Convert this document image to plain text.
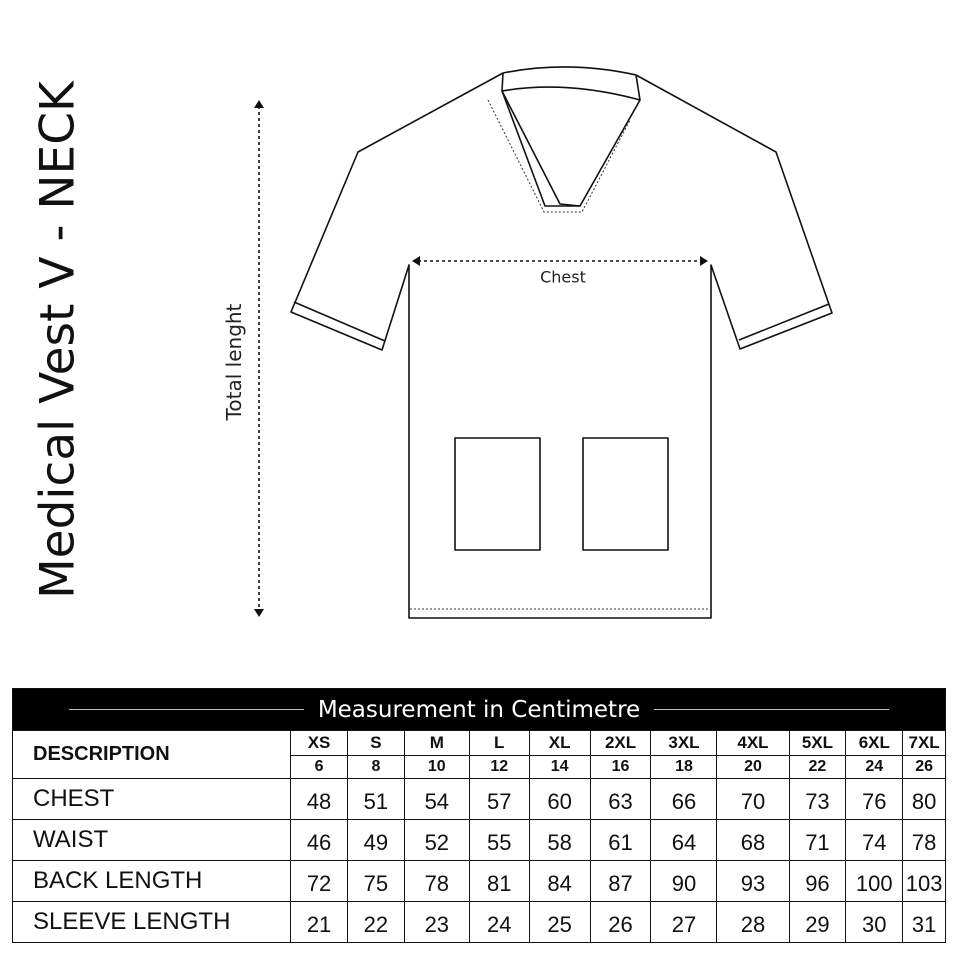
Medical Vest V - NECK	Total lenght
Chest
Measurement in Centimetre											

DESCRIPTION	XS	S	M	L	XL	2XL	3XL	4XL	5XL	6XL	7XL
	6	8	10	12	14	16	18	20	22	24	26
CHEST	48	51	54	57	60	63	66	70	73	76	80
WAIST	46	49	52	55	58	61	64	68	71	74	78
BACK LENGTH	72	75	78	81	84	87	90	93	96	100	103
SLEEVE LENGTH	21	22	23	24	25	26	27	28	29	30	31
